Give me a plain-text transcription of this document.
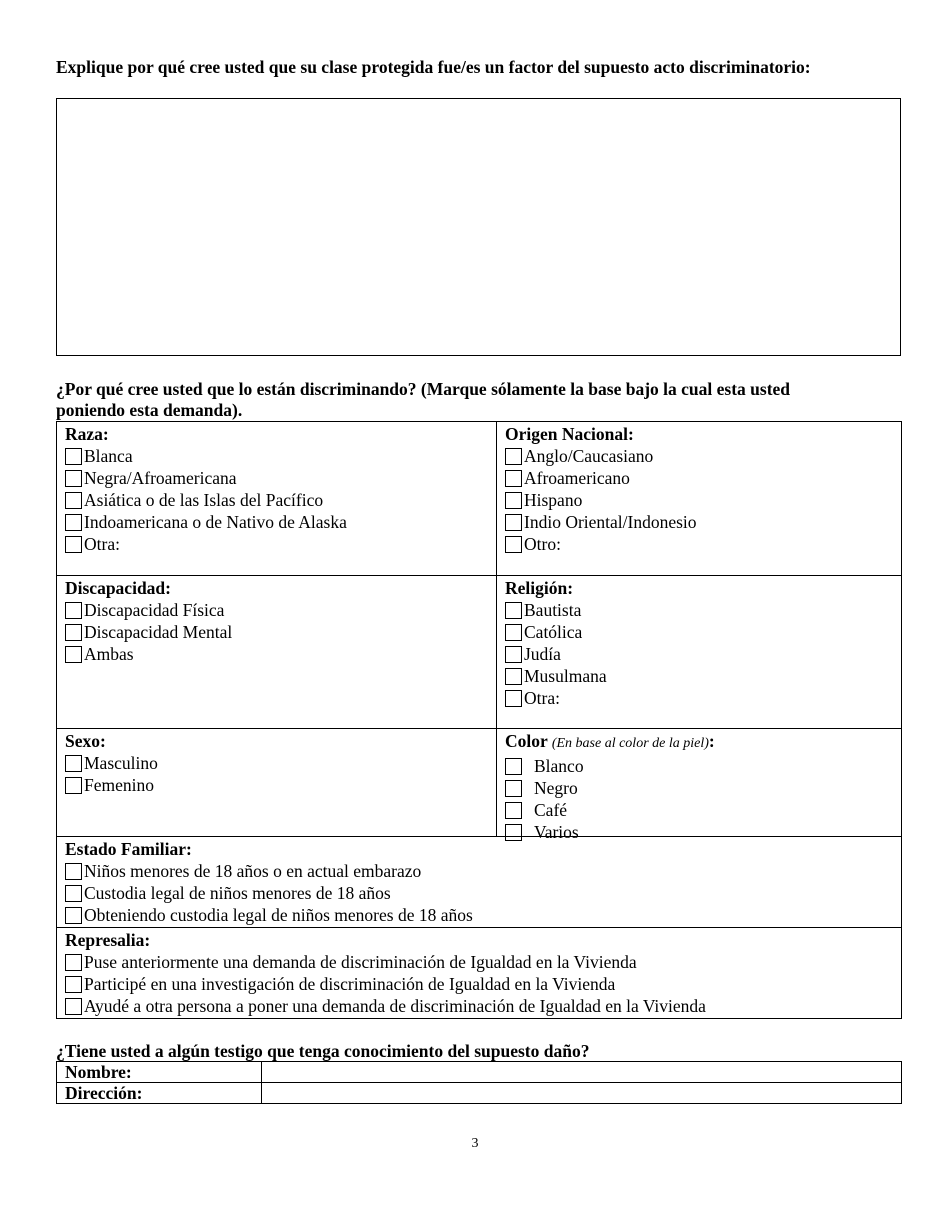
Explique por qué cree usted que su clase protegida fue/es un factor del supuesto acto discriminatorio:
¿Por qué cree usted que lo están discriminando? (Marque sólamente la base bajo la cual esta usted poniendo esta demanda).
Raza:
Blanca
Negra/Afroamericana
Asiática o de las Islas del Pacífico
Indoamericana o de Nativo de Alaska
Otra:
Origen Nacional:
Anglo/Caucasiano
Afroamericano
Hispano
Indio Oriental/Indonesio
Otro:
Discapacidad:
Discapacidad Física
Discapacidad Mental
Ambas
Religión:
Bautista
Católica
Judía
Musulmana
Otra:
Sexo:
Masculino
Femenino
Color (En base al color de la piel):
Blanco
Negro
Café
Varios
Estado Familiar:
Niños menores de 18 años o en actual embarazo
Custodia legal de niños menores de 18 años
Obteniendo custodia legal de niños menores de 18 años
Represalia:
Puse anteriormente una demanda de discriminación de Igualdad en la Vivienda
Participé en una investigación de discriminación de Igualdad en la Vivienda
Ayudé a otra persona a poner una demanda de discriminación de Igualdad en la Vivienda
¿Tiene usted a algún testigo que tenga conocimiento del supuesto daño?
Nombre:	
Dirección:	
3
